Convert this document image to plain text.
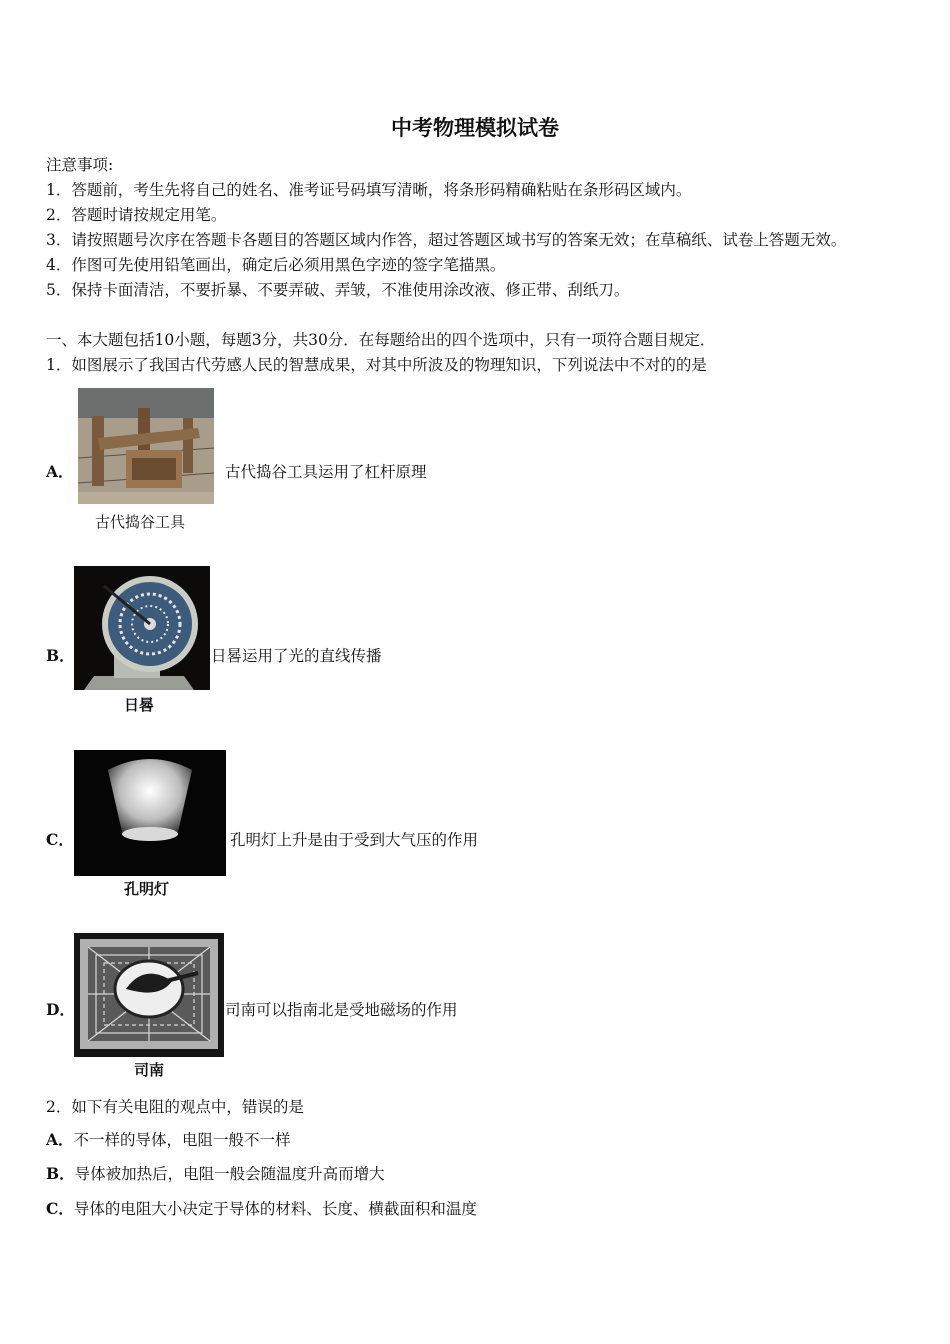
中考物理模拟试卷
注意事项:
1．答题前，考生先将自己的姓名、准考证号码填写清晰，将条形码精确粘贴在条形码区域内。
2．答题时请按规定用笔。
3．请按照题号次序在答题卡各题目的答题区域内作答，超过答题区域书写的答案无效；在草稿纸、试卷上答题无效。
4．作图可先使用铅笔画出，确定后必须用黑色字迹的签字笔描黑。
5．保持卡面清洁，不要折暴、不要弄破、弄皱，不准使用涂改液、修正带、刮纸刀。
一、本大题包括10小题，每题3分，共30分．在每题给出的四个选项中，只有一项符合题目规定．
1．如图展示了我国古代劳感人民的智慧成果，对其中所波及的物理知识，下列说法中不对的的是
古代捣谷工具
A．	古代捣谷工具运用了杠杆原理
日晷
B．	日晷运用了光的直线传播
孔明灯
C．	孔明灯上升是由于受到大气压的作用
司南
D．	司南可以指南北是受地磁场的作用
2．如下有关电阻的观点中，错误的是
A．不一样的导体，电阻一般不一样
B．导体被加热后，电阻一般会随温度升高而增大
C．导体的电阻大小决定于导体的材料、长度、横截面积和温度
